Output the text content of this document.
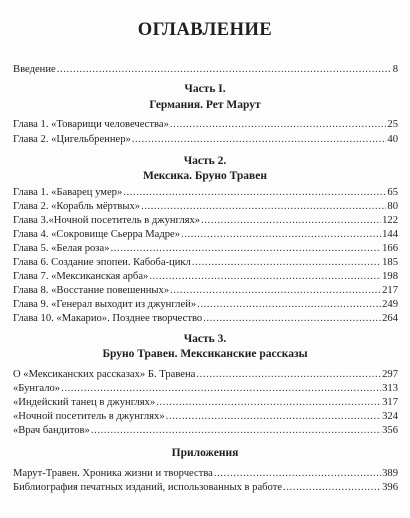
ОГЛАВЛЕНИЕ
Введение .....	8
Часть I.
Германия. Рет Марут
Глава 1. «Товарищи человечества» .....	25
Глава 2. «Цигельбреннер» .....	40
Часть 2.
Мексика. Бруно Травен
Глава 1. «Баварец умер» .....	65
Глава 2. «Корабль мёртвых» .....	80
Глава 3.«Ночной посетитель в джунглях» .....	122
Глава 4. «Сокровище Сьерра Мадре» .....	144
Глава 5. «Белая роза» .....	166
Глава 6. Создание эпопеи. Кабоба-цикл .....	185
Глава 7. «Мексиканская арба» .....	198
Глава 8. «Восстание повешенных» .....	217
Глава 9. «Генерал выходит из джунглей» .....	249
Глава 10. «Макарио». Позднее творчество .....	264
Часть 3.
Бруно Травен. Мексиканские рассказы
О «Мексиканских рассказах» Б. Травена .....	297
«Бунгало» .....	313
«Индейский танец в джунглях» .....	317
«Ночной посетитель в джунглях» .....	324
«Врач бандитов» .....	356
Приложения
Марут-Травен. Хроника жизни и творчества .....	389
Библиография печатных изданий, использованных в работе .....	396
